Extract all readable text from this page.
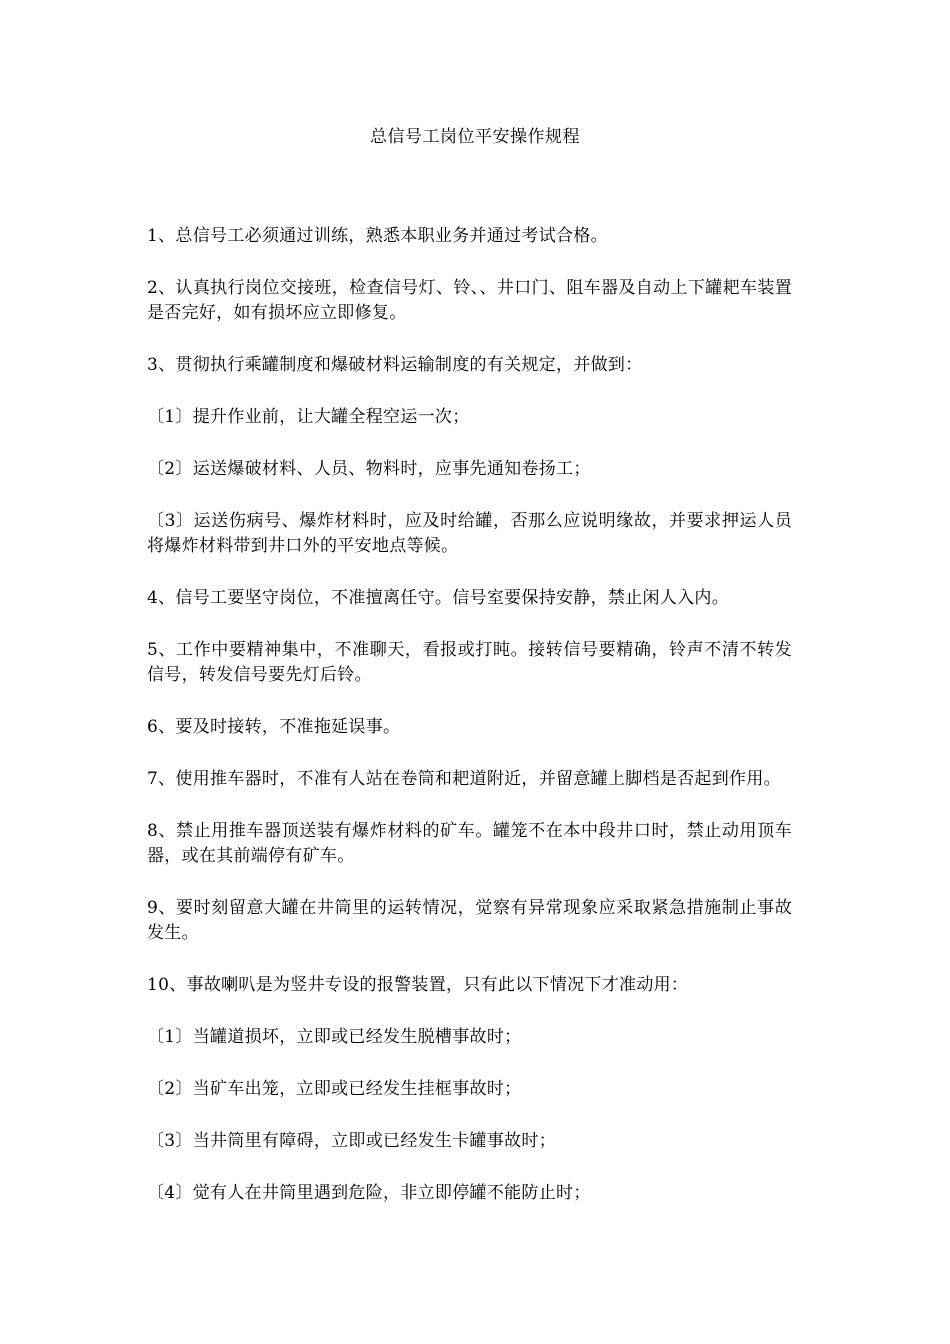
总信号工岗位平安操作规程

1、总信号工必须通过训练，熟悉本职业务并通过考试合格。

2、认真执行岗位交接班，检查信号灯、铃、、井口门、阻车器及自动上下罐耙车装置是否完好，如有损坏应立即修复。

3、贯彻执行乘罐制度和爆破材料运输制度的有关规定，并做到：

〔1〕提升作业前，让大罐全程空运一次；

〔2〕运送爆破材料、人员、物料时，应事先通知卷扬工；

〔3〕运送伤病号、爆炸材料时，应及时给罐，否那么应说明缘故，并要求押运人员将爆炸材料带到井口外的平安地点等候。

4、信号工要坚守岗位，不准擅离任守。信号室要保持安静，禁止闲人入内。

5、工作中要精神集中，不准聊天，看报或打盹。接转信号要精确，铃声不清不转发信号，转发信号要先灯后铃。

6、要及时接转，不准拖延误事。

7、使用推车器时，不准有人站在卷筒和耙道附近，并留意罐上脚档是否起到作用。

8、禁止用推车器顶送装有爆炸材料的矿车。罐笼不在本中段井口时，禁止动用顶车器，或在其前端停有矿车。

9、要时刻留意大罐在井筒里的运转情况，觉察有异常现象应采取紧急措施制止事故发生。

10、事故喇叭是为竖井专设的报警装置，只有此以下情况下才准动用：

〔1〕当罐道损坏，立即或已经发生脱槽事故时；

〔2〕当矿车出笼，立即或已经发生挂框事故时；

〔3〕当井筒里有障碍，立即或已经发生卡罐事故时；

〔4〕觉有人在井筒里遇到危险，非立即停罐不能防止时；
